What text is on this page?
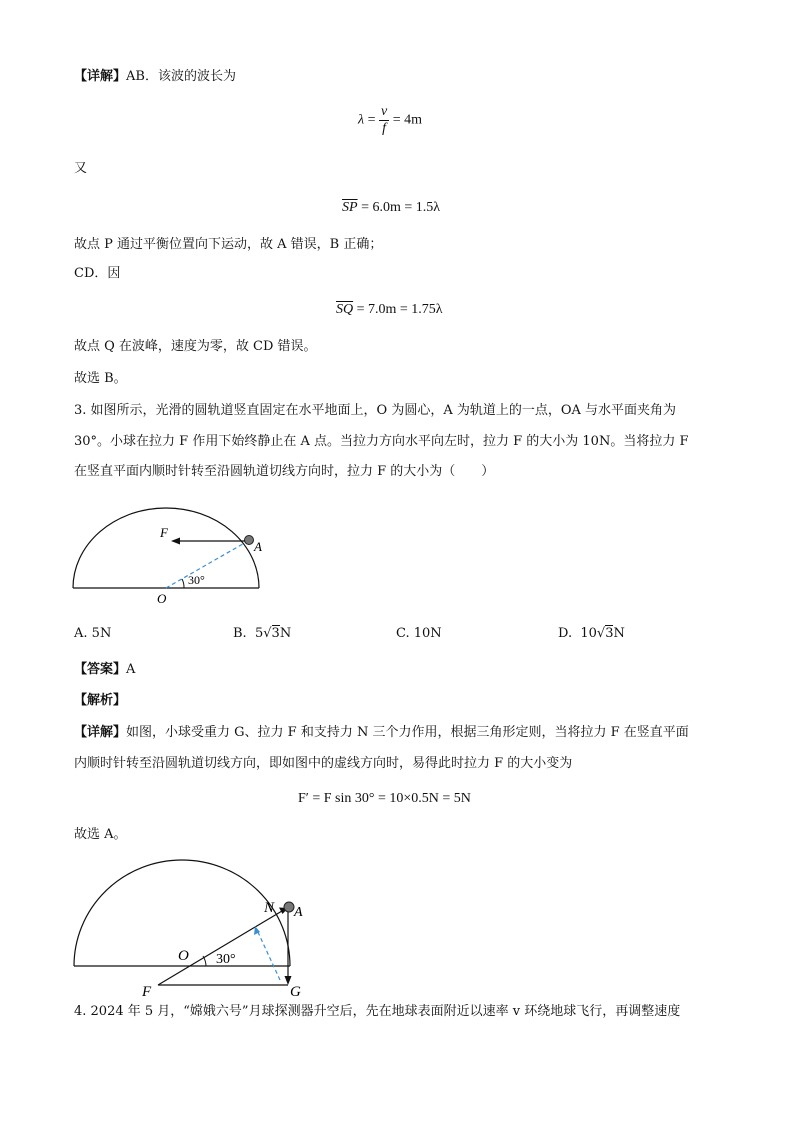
【详解】AB．该波的波长为
$\lambda = \frac{v}{f} = 4m$
又
$\overline{SP} = 6.0m = 1.5\lambda$
故点 P 通过平衡位置向下运动，故 A 错误，B 正确；
CD．因
$\overline{SQ} = 7.0m = 1.75\lambda$
故点 Q 在波峰，速度为零，故 CD 错误。
故选 B。
3. 如图所示，光滑的圆轨道竖直固定在水平地面上，O 为圆心，A 为轨道上的一点，OA 与水平面夹角为
30°。小球在拉力 F 作用下始终静止在 A 点。当拉力方向水平向左时，拉力 F 的大小为 10N。当将拉力 F
在竖直平面内顺时针转至沿圆轨道切线方向时，拉力 F 的大小为（　　）
F
A
O
30°
A. 5N	B. 5√3N	C. 10N	D. 10√3N
【答案】A
【解析】
【详解】如图，小球受重力 G、拉力 F 和支持力 N 三个力作用，根据三角形定则，当将拉力 F 在竖直平面
内顺时针转至沿圆轨道切线方向，即如图中的虚线方向时，易得此时拉力 F 的大小变为
F′ = F sin 30° = 10×0.5N = 5N
故选 A。
N A
O 30°
F	G
4. 2024 年 5 月，“嫦娥六号”月球探测器升空后，先在地球表面附近以速率 v 环绕地球飞行，再调整速度
